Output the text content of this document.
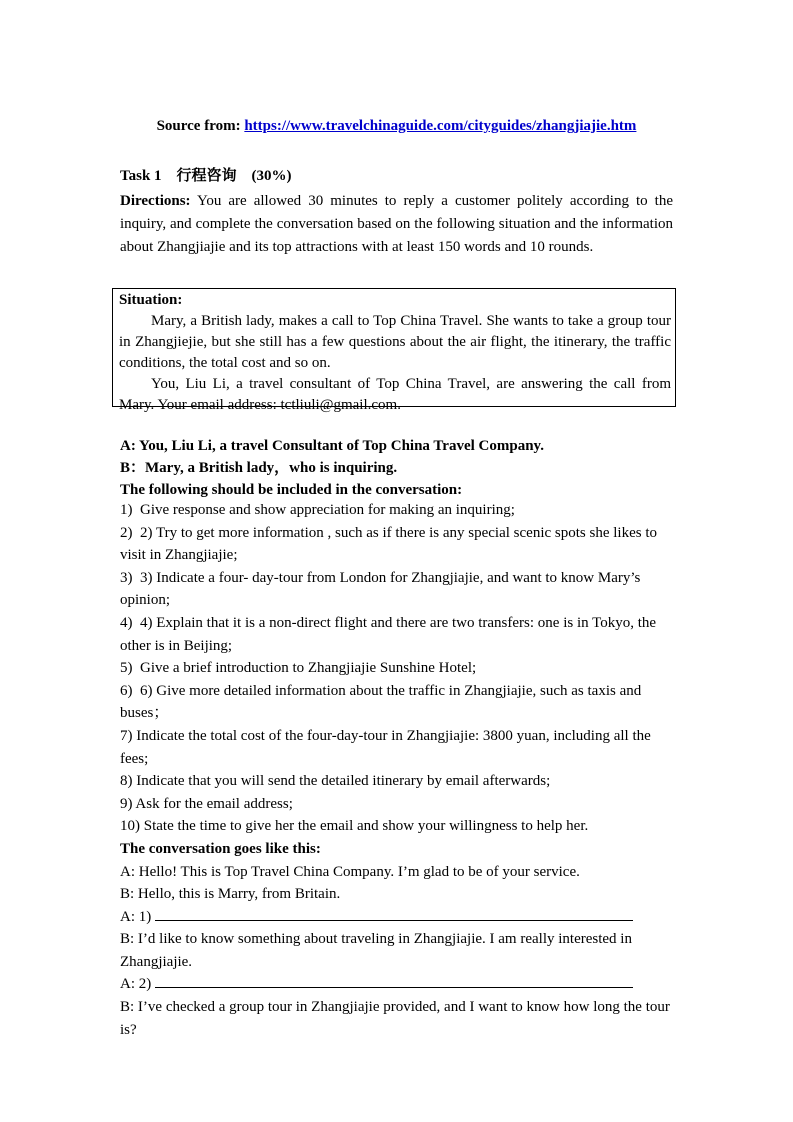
Source from: https://www.travelchinaguide.com/cityguides/zhangjiajie.htm
Task 1　行程咨询　(30%)
Directions: You are allowed 30 minutes to reply a customer politely according to the inquiry, and complete the conversation based on the following situation and the information about Zhangjiajie and its top attractions with at least 150 words and 10 rounds.
Situation:

Mary, a British lady, makes a call to Top China Travel. She wants to take a group tour in Zhangjiejie, but she still has a few questions about the air flight, the itinerary, the traffic conditions, the total cost and so on.

You, Liu Li, a travel consultant of Top China Travel, are answering the call from Mary. Your email address: tctliuli@gmail.com.

A: You, Liu Li, a travel Consultant of Top China Travel Company.
B：Mary, a British lady，who is inquiring.
The following should be included in the conversation:

1)  Give response and show appreciation for making an inquiring;

2)  2) Try to get more information , such as if there is any special scenic spots she likes to visit in Zhangjiajie;

3)  3) Indicate a four- day-tour from London for Zhangjiajie, and want to know Mary’s opinion;

4)  4) Explain that it is a non-direct flight and there are two transfers: one is in Tokyo, the other is in Beijing;

5)  Give a brief introduction to Zhangjiajie Sunshine Hotel;

6)  6) Give more detailed information about the traffic in Zhangjiajie, such as taxis and buses；

7) Indicate the total cost of the four-day-tour in Zhangjiajie: 3800 yuan, including all the fees;

8) Indicate that you will send the detailed itinerary by email afterwards;

9) Ask for the email address;

10) State the time to give her the email and show your willingness to help her.

The conversation goes like this:

A: Hello! This is Top Travel China Company. I’m glad to be of your service.

B: Hello, this is Marry, from Britain.

A: 1)

B: I’d like to know something about traveling in Zhangjiajie. I am really interested in Zhangjiajie.

A: 2)

B: I’ve checked a group tour in Zhangjiajie provided, and I want to know how long the tour is?
